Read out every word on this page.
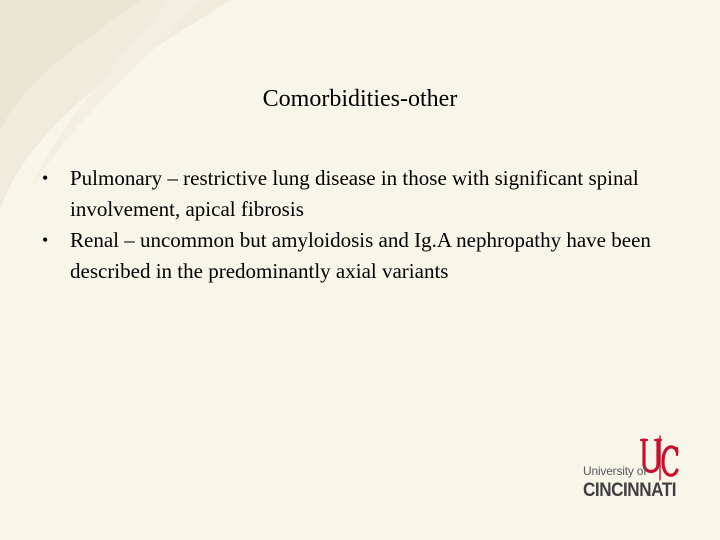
Comorbidities-other
• Pulmonary – restrictive lung disease in those with significant spinal involvement, apical fibrosis
• Renal – uncommon but amyloidosis and Ig.A nephropathy have been described in the predominantly axial variants
University of
CINCINNATI
